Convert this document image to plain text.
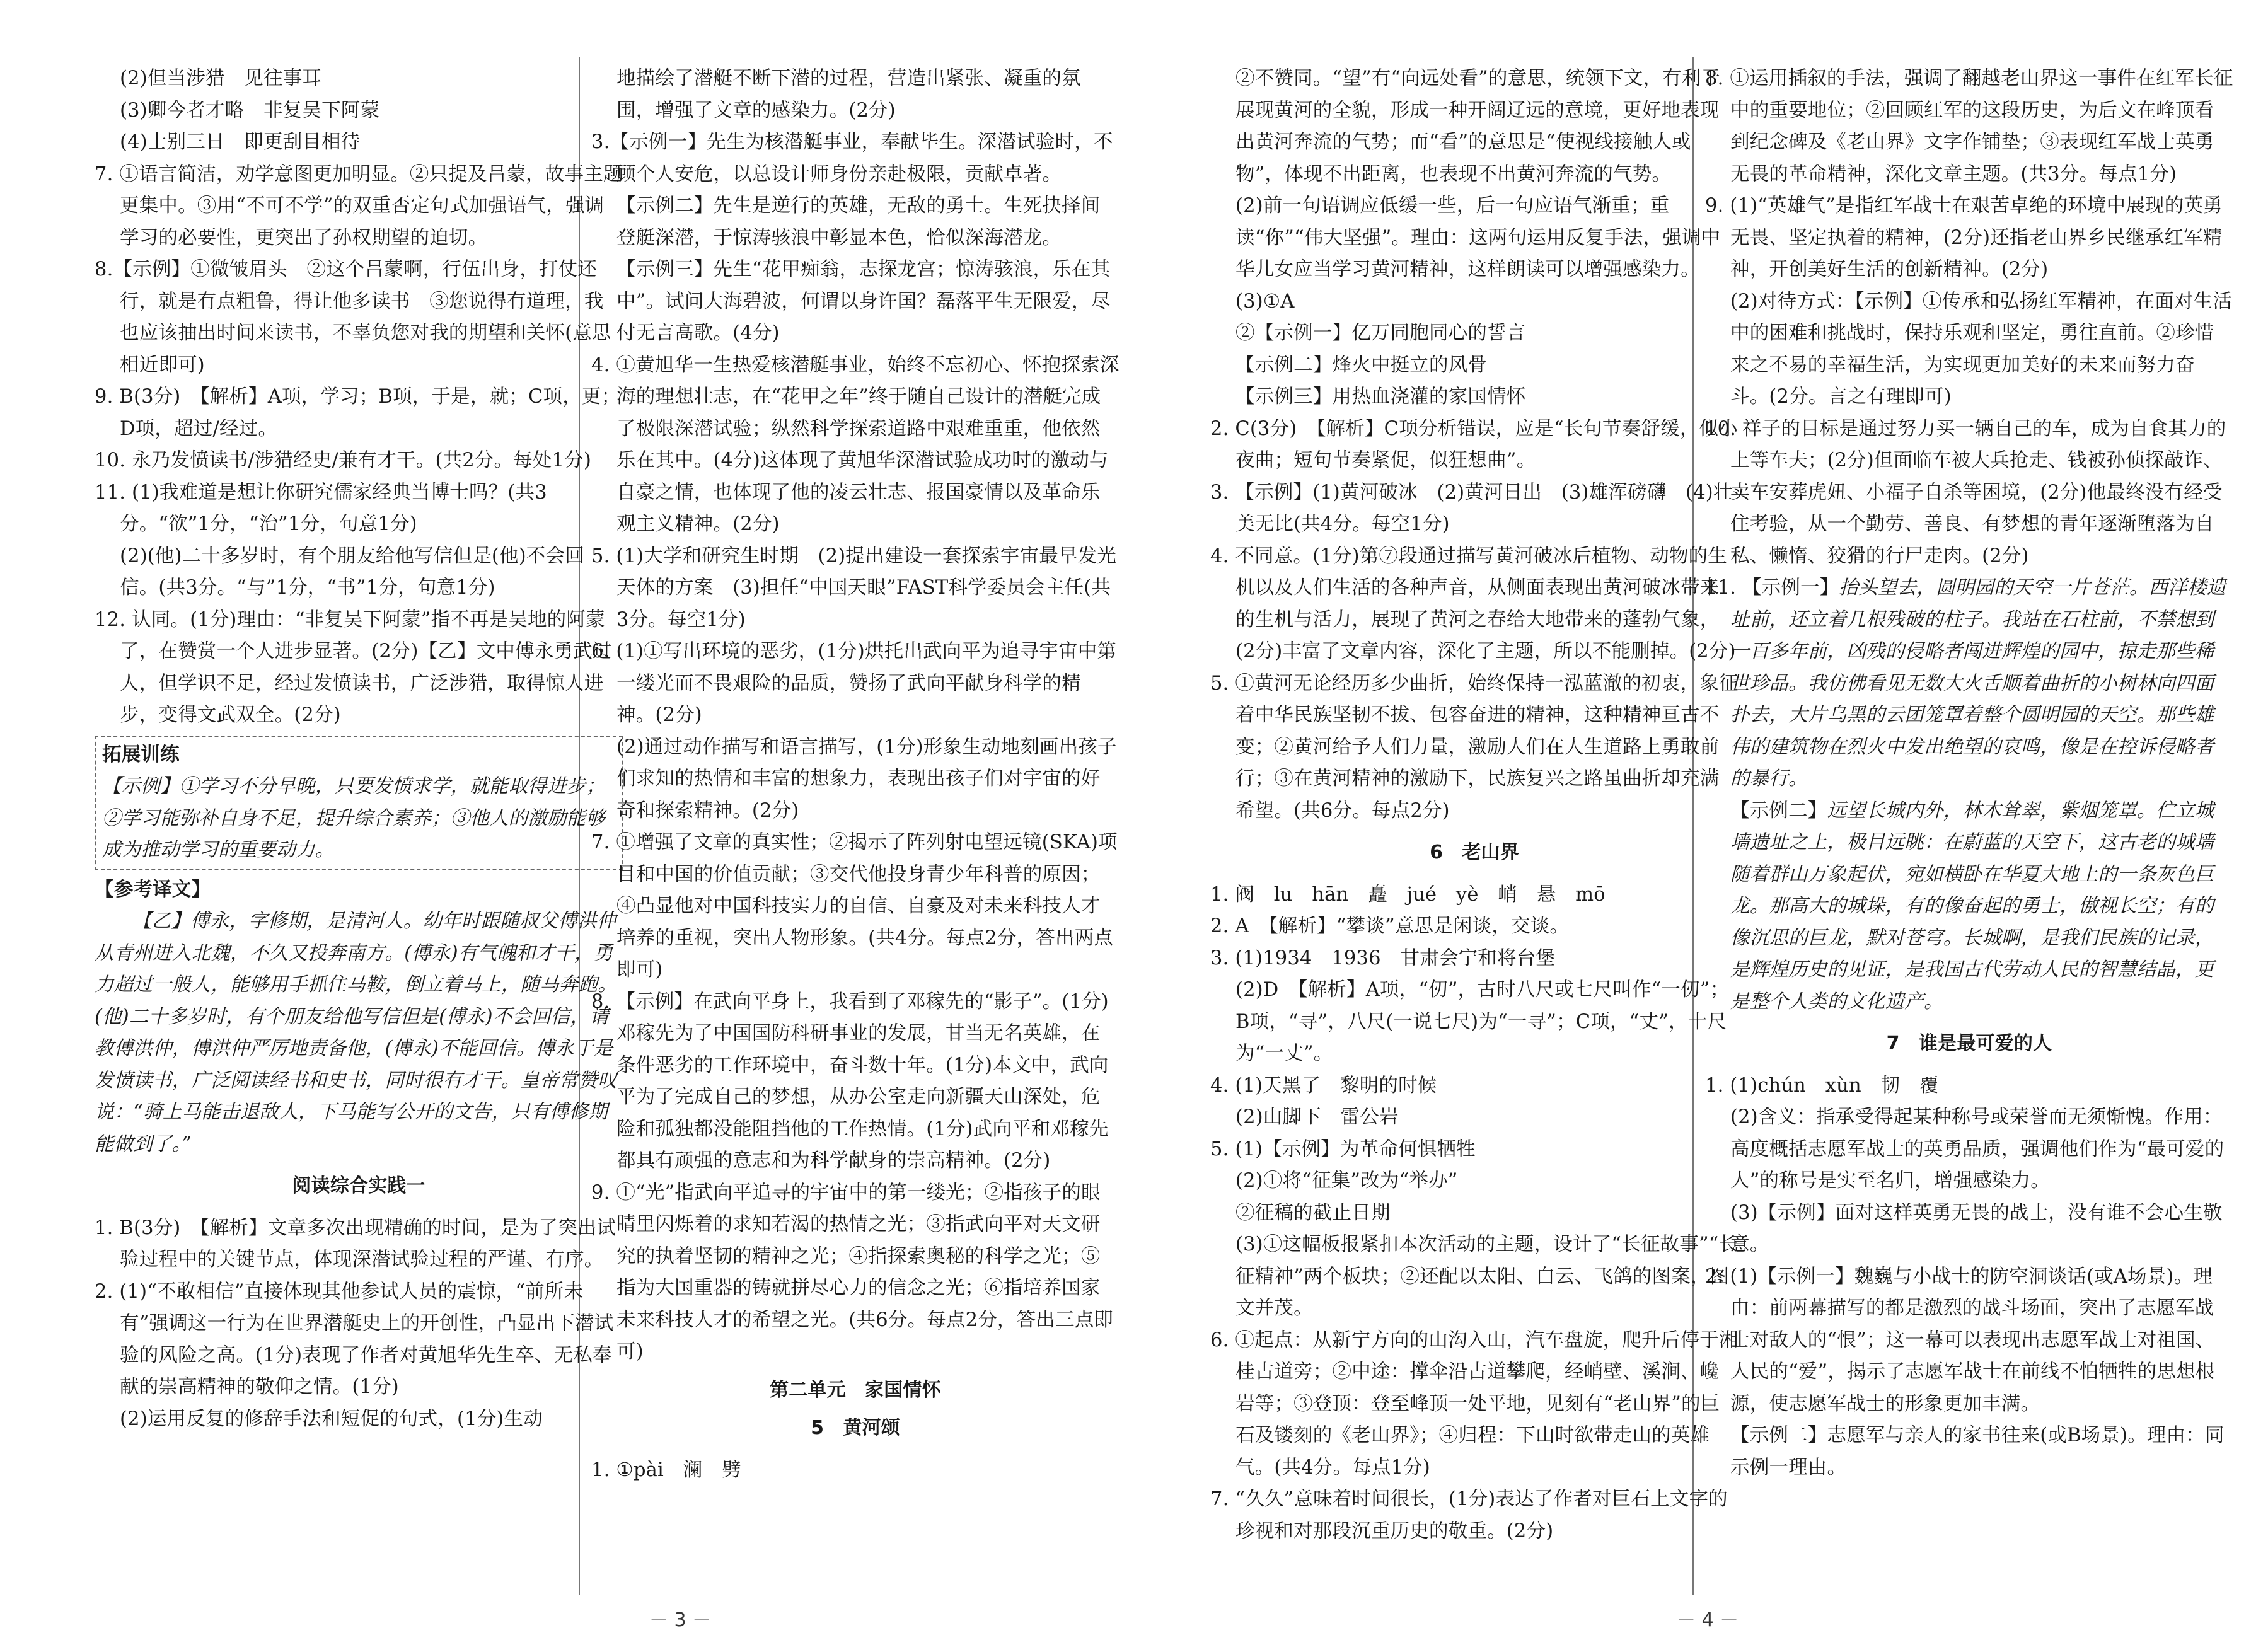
(2)但当涉猎　见往事耳

(3)卿今者才略　非复吴下阿蒙

(4)士别三日　即更刮目相待

7. ①语言简洁，劝学意图更加明显。②只提及吕蒙，故事主题更集中。③用“不可不学”的双重否定句式加强语气，强调学习的必要性，更突出了孙权期望的迫切。

8.【示例】①微皱眉头　②这个吕蒙啊，行伍出身，打仗还行，就是有点粗鲁，得让他多读书　③您说得有道理，我也应该抽出时间来读书，不辜负您对我的期望和关怀(意思相近即可)

9. B(3分)　【解析】A项，学习；B项，于是，就；C项，更；D项，超过/经过。

10. 永乃发愤读书/涉猎经史/兼有才干。(共2分。每处1分)

11. (1)我难道是想让你研究儒家经典当博士吗？(共3分。“欲”1分，“治”1分，句意1分)

(2)(他)二十多岁时，有个朋友给他写信但是(他)不会回信。(共3分。“与”1分，“书”1分，句意1分)

12. 认同。(1分)理由：“非复吴下阿蒙”指不再是吴地的阿蒙了，在赞赏一个人进步显著。(2分)【乙】文中傅永勇武过人，但学识不足，经过发愤读书，广泛涉猎，取得惊人进步，变得文武双全。(2分)

拓展训练

【示例】①学习不分早晚，只要发愤求学，就能取得进步；②学习能弥补自身不足，提升综合素养；③他人的激励能够成为推动学习的重要动力。

【参考译文】

【乙】傅永，字修期，是清河人。幼年时跟随叔父傅洪仲从青州进入北魏，不久又投奔南方。(傅永)有气魄和才干，勇力超过一般人，能够用手抓住马鞍，倒立着马上，随马奔跑。(他)二十多岁时，有个朋友给他写信但是(傅永)不会回信，请教傅洪仲，傅洪仲严厉地责备他，(傅永)不能回信。傅永于是发愤读书，广泛阅读经书和史书，同时很有才干。皇帝常赞叹说：“骑上马能击退敌人，下马能写公开的文告，只有傅修期能做到了。”

阅读综合实践一

1. B(3分)　【解析】文章多次出现精确的时间，是为了突出试验过程中的关键节点，体现深潜试验过程的严谨、有序。

2. (1)“不敢相信”直接体现其他参试人员的震惊，“前所未有”强调这一行为在世界潜艇史上的开创性，凸显出下潜试验的风险之高。(1分)表现了作者对黄旭华先生卒、无私奉献的崇高精神的敬仰之情。(1分)

(2)运用反复的修辞手法和短促的句式，(1分)生动

地描绘了潜艇不断下潜的过程，营造出紧张、凝重的氛围，增强了文章的感染力。(2分)

3.【示例一】先生为核潜艇事业，奉献毕生。深潜试验时，不顾个人安危，以总设计师身份亲赴极限，贡献卓著。

【示例二】先生是逆行的英雄，无敌的勇士。生死抉择间登艇深潜，于惊涛骇浪中彰显本色，恰似深海潜龙。

【示例三】先生“花甲痴翁，志探龙宫；惊涛骇浪，乐在其中”。试问大海碧波，何谓以身许国？磊落平生无限爱，尽付无言高歌。(4分)

4. ①黄旭华一生热爱核潜艇事业，始终不忘初心、怀抱探索深海的理想壮志，在“花甲之年”终于随自己设计的潜艇完成了极限深潜试验；纵然科学探索道路中艰难重重，他依然乐在其中。(4分)这体现了黄旭华深潜试验成功时的激动与自豪之情，也体现了他的凌云壮志、报国豪情以及革命乐观主义精神。(2分)

5. (1)大学和研究生时期　(2)提出建设一套探索宇宙最早发光天体的方案　(3)担任“中国天眼”FAST科学委员会主任(共3分。每空1分)

6. (1)①写出环境的恶劣，(1分)烘托出武向平为追寻宇宙中第一缕光而不畏艰险的品质，赞扬了武向平献身科学的精神。(2分)

(2)通过动作描写和语言描写，(1分)形象生动地刻画出孩子们求知的热情和丰富的想象力，表现出孩子们对宇宙的好奇和探索精神。(2分)

7. ①增强了文章的真实性；②揭示了阵列射电望远镜(SKA)项目和中国的价值贡献；③交代他投身青少年科普的原因；④凸显他对中国科技实力的自信、自豪及对未来科技人才培养的重视，突出人物形象。(共4分。每点2分，答出两点即可)

8. 【示例】在武向平身上，我看到了邓稼先的“影子”。(1分)邓稼先为了中国国防科研事业的发展，甘当无名英雄，在条件恶劣的工作环境中，奋斗数十年。(1分)本文中，武向平为了完成自己的梦想，从办公室走向新疆天山深处，危险和孤独都没能阻挡他的工作热情。(1分)武向平和邓稼先都具有顽强的意志和为科学献身的崇高精神。(2分)

9. ①“光”指武向平追寻的宇宙中的第一缕光；②指孩子的眼睛里闪烁着的求知若渴的热情之光；③指武向平对天文研究的执着坚韧的精神之光；④指探索奥秘的科学之光；⑤指为大国重器的铸就拼尽心力的信念之光；⑥指培养国家未来科技人才的希望之光。(共6分。每点2分，答出三点即可)

第二单元　家国情怀

5　黄河颂

1. ①pài　澜　劈

②不赞同。“望”有“向远处看”的意思，统领下文，有利于展现黄河的全貌，形成一种开阔辽远的意境，更好地表现出黄河奔流的气势；而“看”的意思是“使视线接触人或物”，体现不出距离，也表现不出黄河奔流的气势。

(2)前一句语调应低缓一些，后一句应语气渐重；重读“你”“伟大坚强”。理由：这两句运用反复手法，强调中华儿女应当学习黄河精神，这样朗读可以增强感染力。

(3)①A

②【示例一】亿万同胞同心的誓言

【示例二】烽火中挺立的风骨

【示例三】用热血浇灌的家国情怀

2. C(3分)　【解析】C项分析错误，应是“长句节奏舒缓，似小夜曲；短句节奏紧促，似狂想曲”。

3. 【示例】(1)黄河破冰　(2)黄河日出　(3)雄浑磅礴　(4)壮美无比(共4分。每空1分)

4. 不同意。(1分)第⑦段通过描写黄河破冰后植物、动物的生机以及人们生活的各种声音，从侧面表现出黄河破冰带来的生机与活力，展现了黄河之春给大地带来的蓬勃气象，(2分)丰富了文章内容，深化了主题，所以不能删掉。(2分)

5. ①黄河无论经历多少曲折，始终保持一泓蓝澈的初衷，象征着中华民族坚韧不拔、包容奋进的精神，这种精神亘古不变；②黄河给予人们力量，激励人们在人生道路上勇敢前行；③在黄河精神的激励下，民族复兴之路虽曲折却充满希望。(共6分。每点2分)

6　老山界

1. 阀　lu　hān　矗　jué　yè　峭　悬　mō

2. A　【解析】“攀谈”意思是闲谈，交谈。

3. (1)1934　1936　甘肃会宁和将台堡

(2)D　【解析】A项，“仞”，古时八尺或七尺叫作“一仞”；B项，“寻”，八尺(一说七尺)为“一寻”；C项，“丈”，十尺为“一丈”。

4. (1)天黑了　黎明的时候

(2)山脚下　雷公岩

5. (1)【示例】为革命何惧牺牲

(2)①将“征集”改为“举办”

②征稿的截止日期

(3)①这幅板报紧扣本次活动的主题，设计了“长征故事”“长征精神”两个板块；②还配以太阳、白云、飞鸽的图案，图文并茂。

6. ①起点：从新宁方向的山沟入山，汽车盘旋，爬升后停于湘桂古道旁；②中途：撑伞沿古道攀爬，经峭壁、溪涧、巉岩等；③登顶：登至峰顶一处平地，见刻有“老山界”的巨石及镂刻的《老山界》；④归程：下山时欲带走山的英雄气。(共4分。每点1分)

7. “久久”意味着时间很长，(1分)表达了作者对巨石上文字的珍视和对那段沉重历史的敬重。(2分)

8. ①运用插叙的手法，强调了翻越老山界这一事件在红军长征中的重要地位；②回顾红军的这段历史，为后文在峰顶看到纪念碑及《老山界》文字作铺垫；③表现红军战士英勇无畏的革命精神，深化文章主题。(共3分。每点1分)

9. (1)“英雄气”是指红军战士在艰苦卓绝的环境中展现的英勇无畏、坚定执着的精神，(2分)还指老山界乡民继承红军精神，开创美好生活的创新精神。(2分)

(2)对待方式：【示例】①传承和弘扬红军精神，在面对生活中的困难和挑战时，保持乐观和坚定，勇往直前。②珍惜来之不易的幸福生活，为实现更加美好的未来而努力奋斗。(2分。言之有理即可)

10. 祥子的目标是通过努力买一辆自己的车，成为自食其力的上等车夫；(2分)但面临车被大兵抢走、钱被孙侦探敲诈、卖车安葬虎妞、小福子自杀等困境，(2分)他最终没有经受住考验，从一个勤劳、善良、有梦想的青年逐渐堕落为自私、懒惰、狡猾的行尸走肉。(2分)

11. 【示例一】抬头望去，圆明园的天空一片苍茫。西洋楼遗址前，还立着几根残破的柱子。我站在石柱前，不禁想到一百多年前，凶残的侵略者闯进辉煌的园中，掠走那些稀世珍品。我仿佛看见无数大火舌顺着曲折的小树林向四面扑去，大片乌黑的云团笼罩着整个圆明园的天空。那些雄伟的建筑物在烈火中发出绝望的哀鸣，像是在控诉侵略者的暴行。

【示例二】远望长城内外，林木耸翠，紫烟笼罩。伫立城墙遗址之上，极目远眺：在蔚蓝的天空下，这古老的城墙随着群山万象起伏，宛如横卧在华夏大地上的一条灰色巨龙。那高大的城垛，有的像奋起的勇士，傲视长空；有的像沉思的巨龙，默对苍穹。长城啊，是我们民族的记录，是辉煌历史的见证，是我国古代劳动人民的智慧结晶，更是整个人类的文化遗产。

7　谁是最可爱的人

1. (1)chún　xùn　韧　覆

(2)含义：指承受得起某种称号或荣誉而无须惭愧。作用：高度概括志愿军战士的英勇品质，强调他们作为“最可爱的人”的称号是实至名归，增强感染力。

(3)【示例】面对这样英勇无畏的战士，没有谁不会心生敬意。

2. (1)【示例一】魏巍与小战士的防空洞谈话(或A场景)。理由：前两幕描写的都是激烈的战斗场面，突出了志愿军战士对敌人的“恨”；这一幕可以表现出志愿军战士对祖国、人民的“爱”，揭示了志愿军战士在前线不怕牺牲的思想根源，使志愿军战士的形象更加丰满。

【示例二】志愿军与亲人的家书往来(或B场景)。理由：同示例一理由。

－ 3 －	－ 4 －
